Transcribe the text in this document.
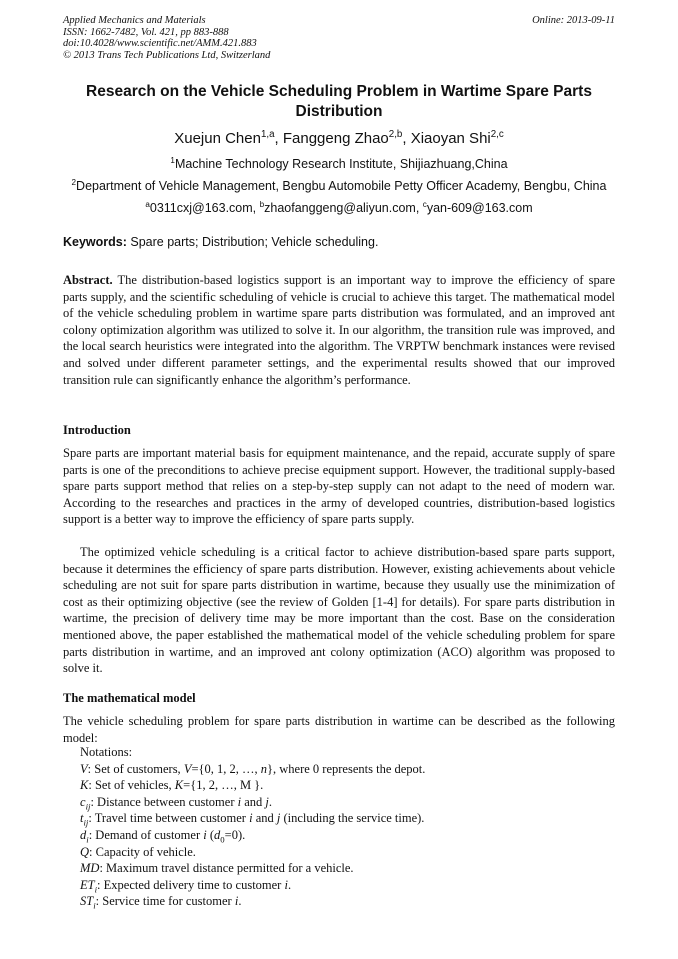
Applied Mechanics and Materials	Online: 2013-09-11
ISSN: 1662-7482, Vol. 421, pp 883-888
doi:10.4028/www.scientific.net/AMM.421.883
© 2013 Trans Tech Publications Ltd, Switzerland
Research on the Vehicle Scheduling Problem in Wartime Spare Parts Distribution
Xuejun Chen$^{1,a}$, Fanggeng Zhao$^{2,b}$, Xiaoyan Shi$^{2,c}$
$^1$Machine Technology Research Institute, Shijiazhuang,China
$^2$Department of Vehicle Management, Bengbu Automobile Petty Officer Academy, Bengbu, China
$^a$0311cxj@163.com, $^b$zhaofanggeng@aliyun.com, $^c$yan-609@163.com
Keywords: Spare parts; Distribution; Vehicle scheduling.
Abstract. The distribution-based logistics support is an important way to improve the efficiency of spare parts supply, and the scientific scheduling of vehicle is crucial to achieve this target. The mathematical model of the vehicle scheduling problem in wartime spare parts distribution was formulated, and an improved ant colony optimization algorithm was utilized to solve it. In our algorithm, the transition rule was improved, and the local search heuristics were integrated into the algorithm. The VRPTW benchmark instances were revised and solved under different parameter settings, and the experimental results showed that our improved transition rule can significantly enhance the algorithm’s performance.
Introduction
Spare parts are important material basis for equipment maintenance, and the repaid, accurate supply of spare parts is one of the preconditions to achieve precise equipment support. However, the traditional supply-based spare parts support method that relies on a step-by-step supply can not adapt to the need of modern war. According to the researches and practices in the army of developed countries, distribution-based logistics support is a better way to improve the efficiency of spare parts supply.
The optimized vehicle scheduling is a critical factor to achieve distribution-based spare parts support, because it determines the efficiency of spare parts distribution. However, existing achievements about vehicle scheduling are not suit for spare parts distribution in wartime, because they usually use the minimization of cost as their optimizing objective (see the review of Golden [1-4] for details). For spare parts distribution in wartime, the precision of delivery time may be more important than the cost. Base on the consideration mentioned above, the paper established the mathematical model of the vehicle scheduling problem for spare parts distribution in wartime, and an improved ant colony optimization (ACO) algorithm was proposed to solve it.
The mathematical model
The vehicle scheduling problem for spare parts distribution in wartime can be described as the following model:
Notations:
V: Set of customers, V={0, 1, 2, …, n}, where 0 represents the depot.
K: Set of vehicles, K={1, 2, …, M }.
$c_{ij}$: Distance between customer i and j.
$t_{ij}$: Travel time between customer i and j (including the service time).
$d_i$: Demand of customer i $(d_0=0)$.
Q: Capacity of vehicle.
MD: Maximum travel distance permitted for a vehicle.
$ET_i$: Expected delivery time to customer i.
$ST_i$: Service time for customer i.
